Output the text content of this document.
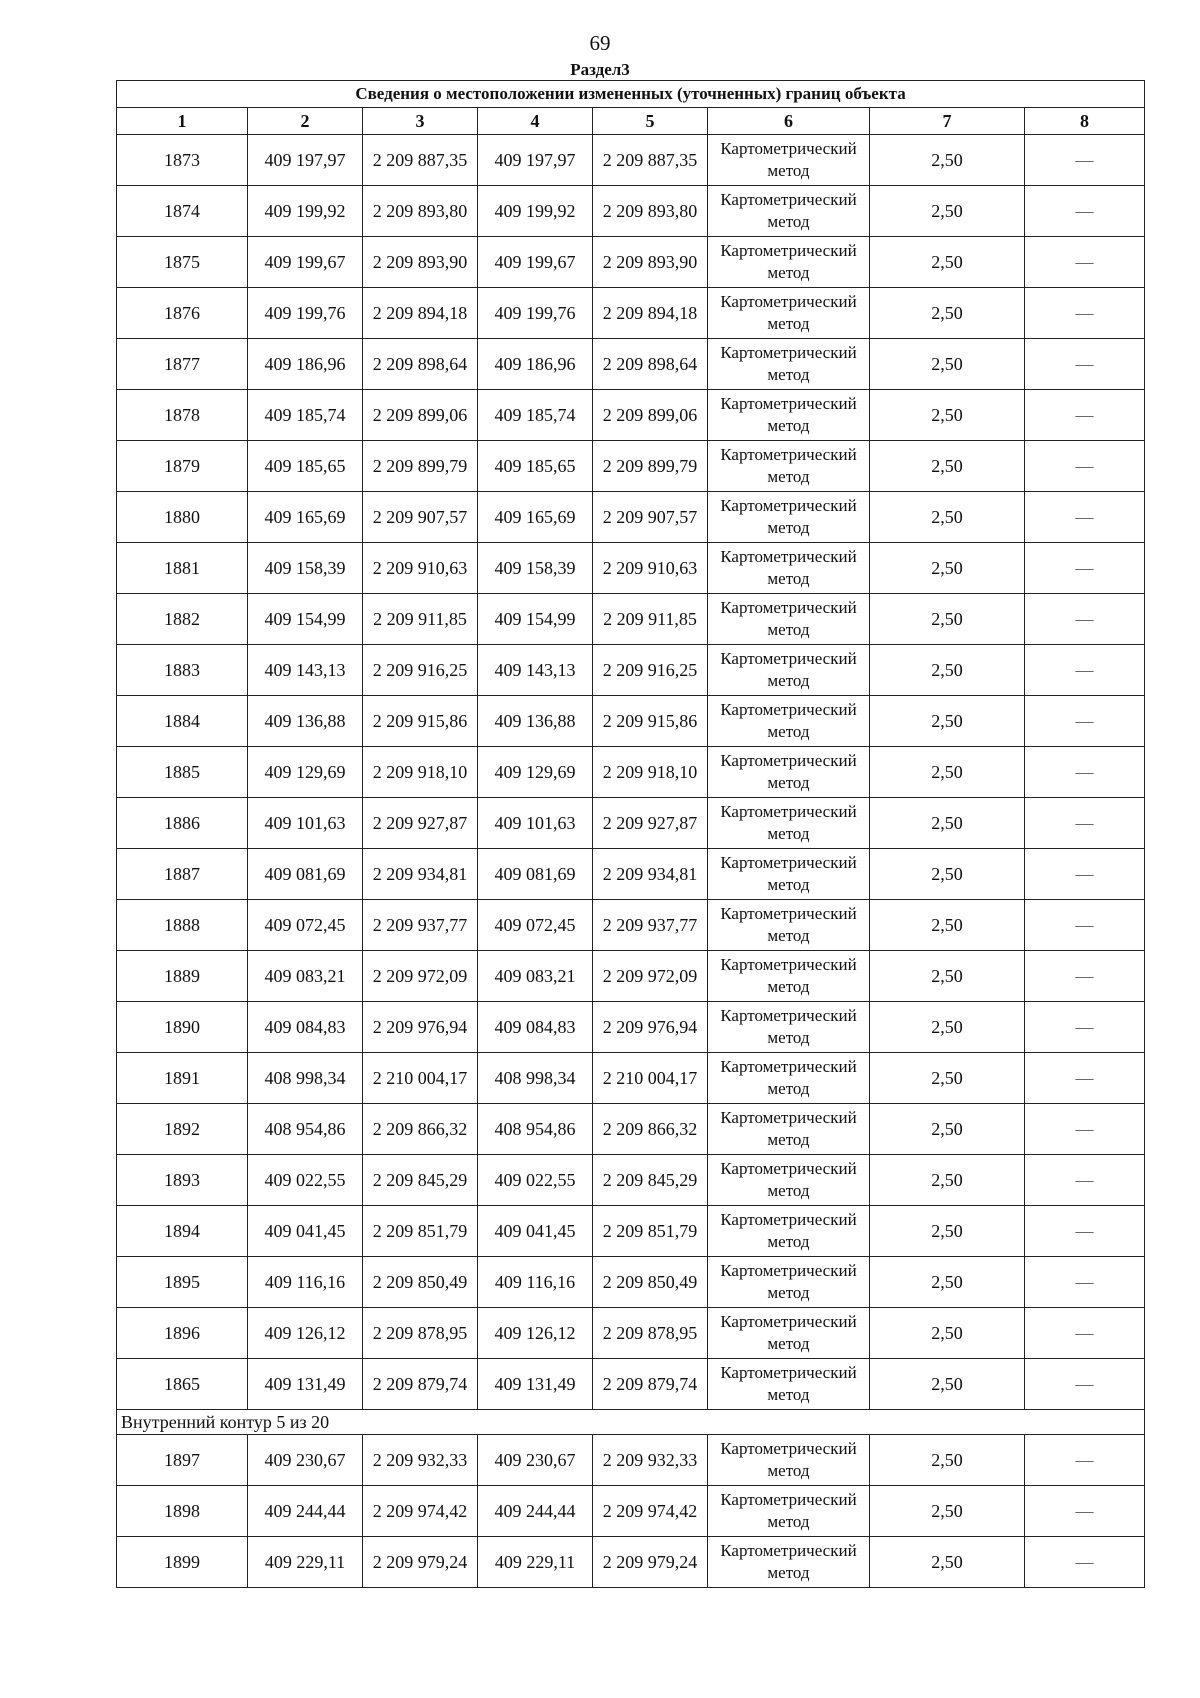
69
Раздел3
Сведения о местоположении измененных (уточненных) границ объекта							
1	2	3	4	5	6	7	8
1873	409 197,97	2 209 887,35	409 197,97	2 209 887,35	Картометрический метод	2,50	—
1874	409 199,92	2 209 893,80	409 199,92	2 209 893,80	Картометрический метод	2,50	—
1875	409 199,67	2 209 893,90	409 199,67	2 209 893,90	Картометрический метод	2,50	—
1876	409 199,76	2 209 894,18	409 199,76	2 209 894,18	Картометрический метод	2,50	—
1877	409 186,96	2 209 898,64	409 186,96	2 209 898,64	Картометрический метод	2,50	—
1878	409 185,74	2 209 899,06	409 185,74	2 209 899,06	Картометрический метод	2,50	—
1879	409 185,65	2 209 899,79	409 185,65	2 209 899,79	Картометрический метод	2,50	—
1880	409 165,69	2 209 907,57	409 165,69	2 209 907,57	Картометрический метод	2,50	—
1881	409 158,39	2 209 910,63	409 158,39	2 209 910,63	Картометрический метод	2,50	—
1882	409 154,99	2 209 911,85	409 154,99	2 209 911,85	Картометрический метод	2,50	—
1883	409 143,13	2 209 916,25	409 143,13	2 209 916,25	Картометрический метод	2,50	—
1884	409 136,88	2 209 915,86	409 136,88	2 209 915,86	Картометрический метод	2,50	—
1885	409 129,69	2 209 918,10	409 129,69	2 209 918,10	Картометрический метод	2,50	—
1886	409 101,63	2 209 927,87	409 101,63	2 209 927,87	Картометрический метод	2,50	—
1887	409 081,69	2 209 934,81	409 081,69	2 209 934,81	Картометрический метод	2,50	—
1888	409 072,45	2 209 937,77	409 072,45	2 209 937,77	Картометрический метод	2,50	—
1889	409 083,21	2 209 972,09	409 083,21	2 209 972,09	Картометрический метод	2,50	—
1890	409 084,83	2 209 976,94	409 084,83	2 209 976,94	Картометрический метод	2,50	—
1891	408 998,34	2 210 004,17	408 998,34	2 210 004,17	Картометрический метод	2,50	—
1892	408 954,86	2 209 866,32	408 954,86	2 209 866,32	Картометрический метод	2,50	—
1893	409 022,55	2 209 845,29	409 022,55	2 209 845,29	Картометрический метод	2,50	—
1894	409 041,45	2 209 851,79	409 041,45	2 209 851,79	Картометрический метод	2,50	—
1895	409 116,16	2 209 850,49	409 116,16	2 209 850,49	Картометрический метод	2,50	—
1896	409 126,12	2 209 878,95	409 126,12	2 209 878,95	Картометрический метод	2,50	—
1865	409 131,49	2 209 879,74	409 131,49	2 209 879,74	Картометрический метод	2,50	—
Внутренний контур 5 из 20							
1897	409 230,67	2 209 932,33	409 230,67	2 209 932,33	Картометрический метод	2,50	—
1898	409 244,44	2 209 974,42	409 244,44	2 209 974,42	Картометрический метод	2,50	—
1899	409 229,11	2 209 979,24	409 229,11	2 209 979,24	Картометрический метод	2,50	—
